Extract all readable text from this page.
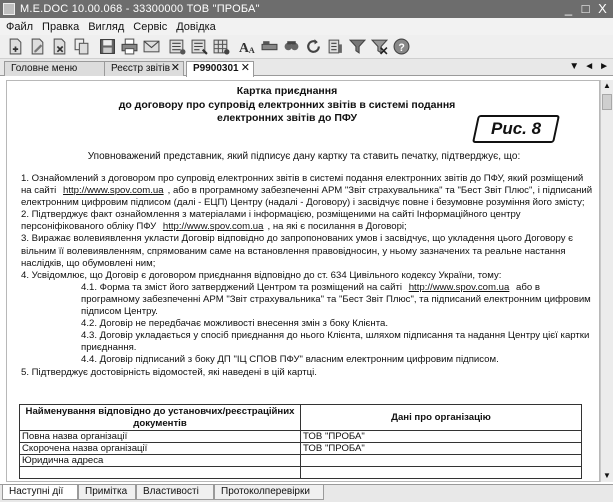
M.E.DOC 10.00.068 - 33300000 ТОВ "ПРОБА"	_ □ X
Файл Правка Вигляд Сервіс Довідка
A A	?
Головне меню	Реєстр звітів ✕	P9900301 ✕	▼ ◄ ►
Картка приєднання
до договору про супровід електронних звітів в системі подання
електронних звітів до ПФУ
Рис. 8
Уповноважений представник, який підписує дану картку та ставить печатку, підтверджує, що:

1. Ознайомлений з договором про супровід електронних звітів в системі подання електронних звітів до ПФУ, який розміщений на сайті http://www.spov.com.ua , або в програмному забезпеченні АРМ "Звіт страхувальника" та "Бест Звіт Плюс", і підписаний електронним цифровим підписом (далі - ЕЦП) Центру (надалі - Договору) і засвідчує повне і безумовне розуміння його змісту;

2. Підтверджує факт ознайомлення з матеріалами і інформацією, розміщеними на сайті Інформаційного центру персоніфікованого обліку ПФУ http://www.spov.com.ua , на які є посилання в Договорі;

3. Виражає волевиявлення укласти Договір відповідно до запропонованих умов і засвідчує, що укладення цього Договору є вільним її волевиявленням, спрямованим саме на встановлення правовідносин, у ньому зазначених та реальне настання наслідків, що обумовлені ним;

4. Усвідомлює, що Договір є договором приєднання відповідно до ст. 634 Цивільного кодексу України, тому:

4.1. Форма та зміст його затверджений Центром та розміщений на сайті http://www.spov.com.ua або в програмному забезпеченні АРМ "Звіт страхувальника" та "Бест Звіт Плюс", та підписаний електронним цифровим підписом Центру.

4.2. Договір не передбачає можливості внесення змін з боку Клієнта.

4.3. Договір укладається у спосіб приєднання до нього Клієнта, шляхом підписання та надання Центру цієї картки приєднання.

4.4. Договір підписаний з боку ДП "ІЦ СПОВ ПФУ" власним електронним цифровим підписом.

5. Підтверджує достовірність відомостей, які наведені в цій картці.

Найменування відповідно до установчих/реєстраційних документів	Дані про організацію
Повна назва організації	ТОВ "ПРОБА"
Скорочена назва організації	ТОВ "ПРОБА"
Юридична адреса	

▲
▼
Наступні дії	Примітка	Властивості	Протоколперевірки
